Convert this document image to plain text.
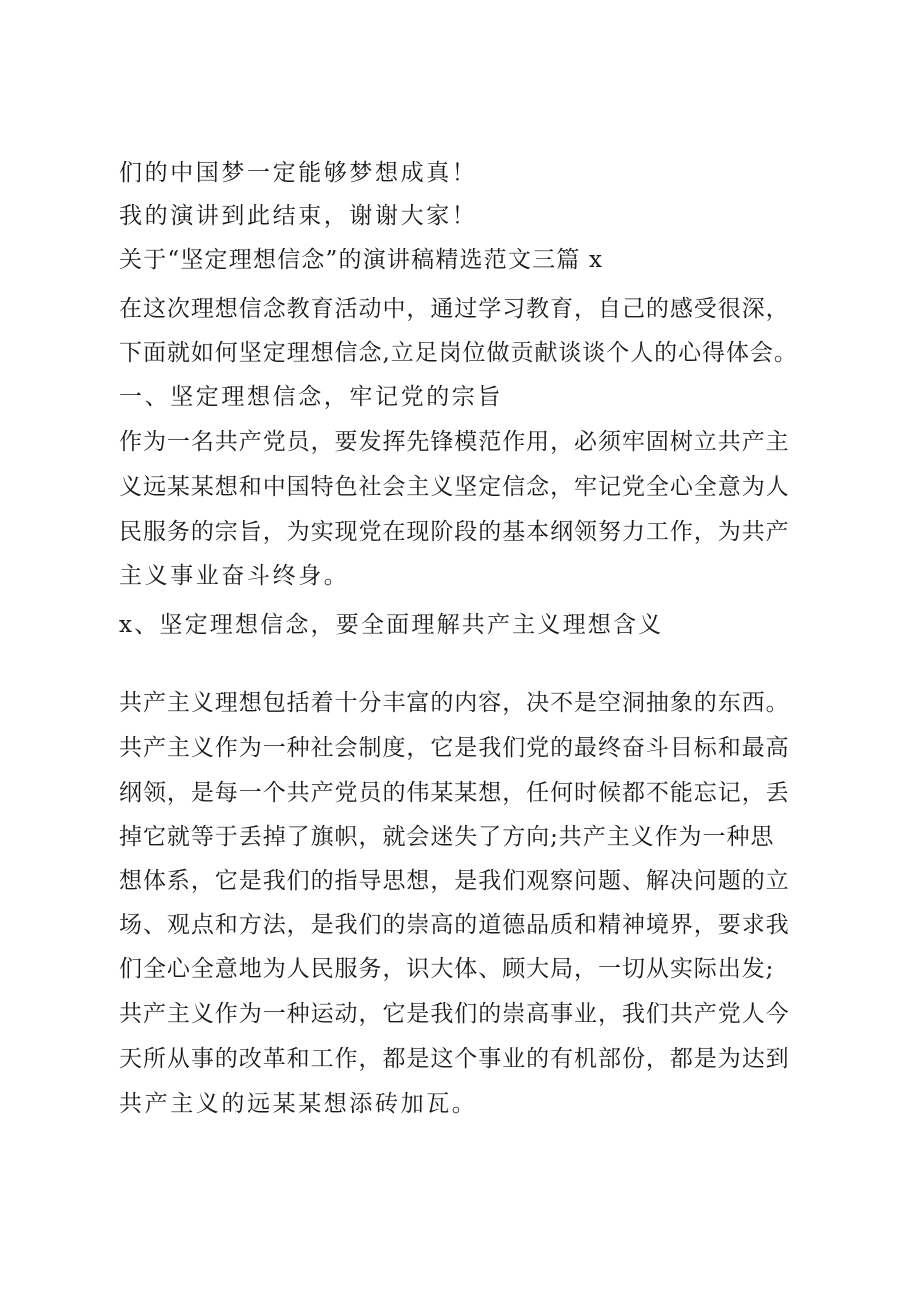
们的中国梦一定能够梦想成真！

我的演讲到此结束，谢谢大家！

关于“坚定理想信念”的演讲稿精选范文三篇 x

在这次理想信念教育活动中，通过学习教育，自己的感受很深，

下面就如何坚定理想信念,立足岗位做贡献谈谈个人的心得体会。

一、坚定理想信念，牢记党的宗旨

作为一名共产党员，要发挥先锋模范作用，必须牢固树立共产主

义远某某想和中国特色社会主义坚定信念，牢记党全心全意为人

民服务的宗旨，为实现党在现阶段的基本纲领努力工作，为共产

主义事业奋斗终身。

x、坚定理想信念，要全面理解共产主义理想含义

共产主义理想包括着十分丰富的内容，决不是空洞抽象的东西。

共产主义作为一种社会制度，它是我们党的最终奋斗目标和最高

纲领，是每一个共产党员的伟某某想，任何时候都不能忘记，丢

掉它就等于丢掉了旗帜，就会迷失了方向;共产主义作为一种思

想体系，它是我们的指导思想，是我们观察问题、解决问题的立

场、观点和方法，是我们的崇高的道德品质和精神境界，要求我

们全心全意地为人民服务，识大体、顾大局，一切从实际出发;

共产主义作为一种运动，它是我们的崇高事业，我们共产党人今

天所从事的改革和工作，都是这个事业的有机部份，都是为达到

共产主义的远某某想添砖加瓦。
